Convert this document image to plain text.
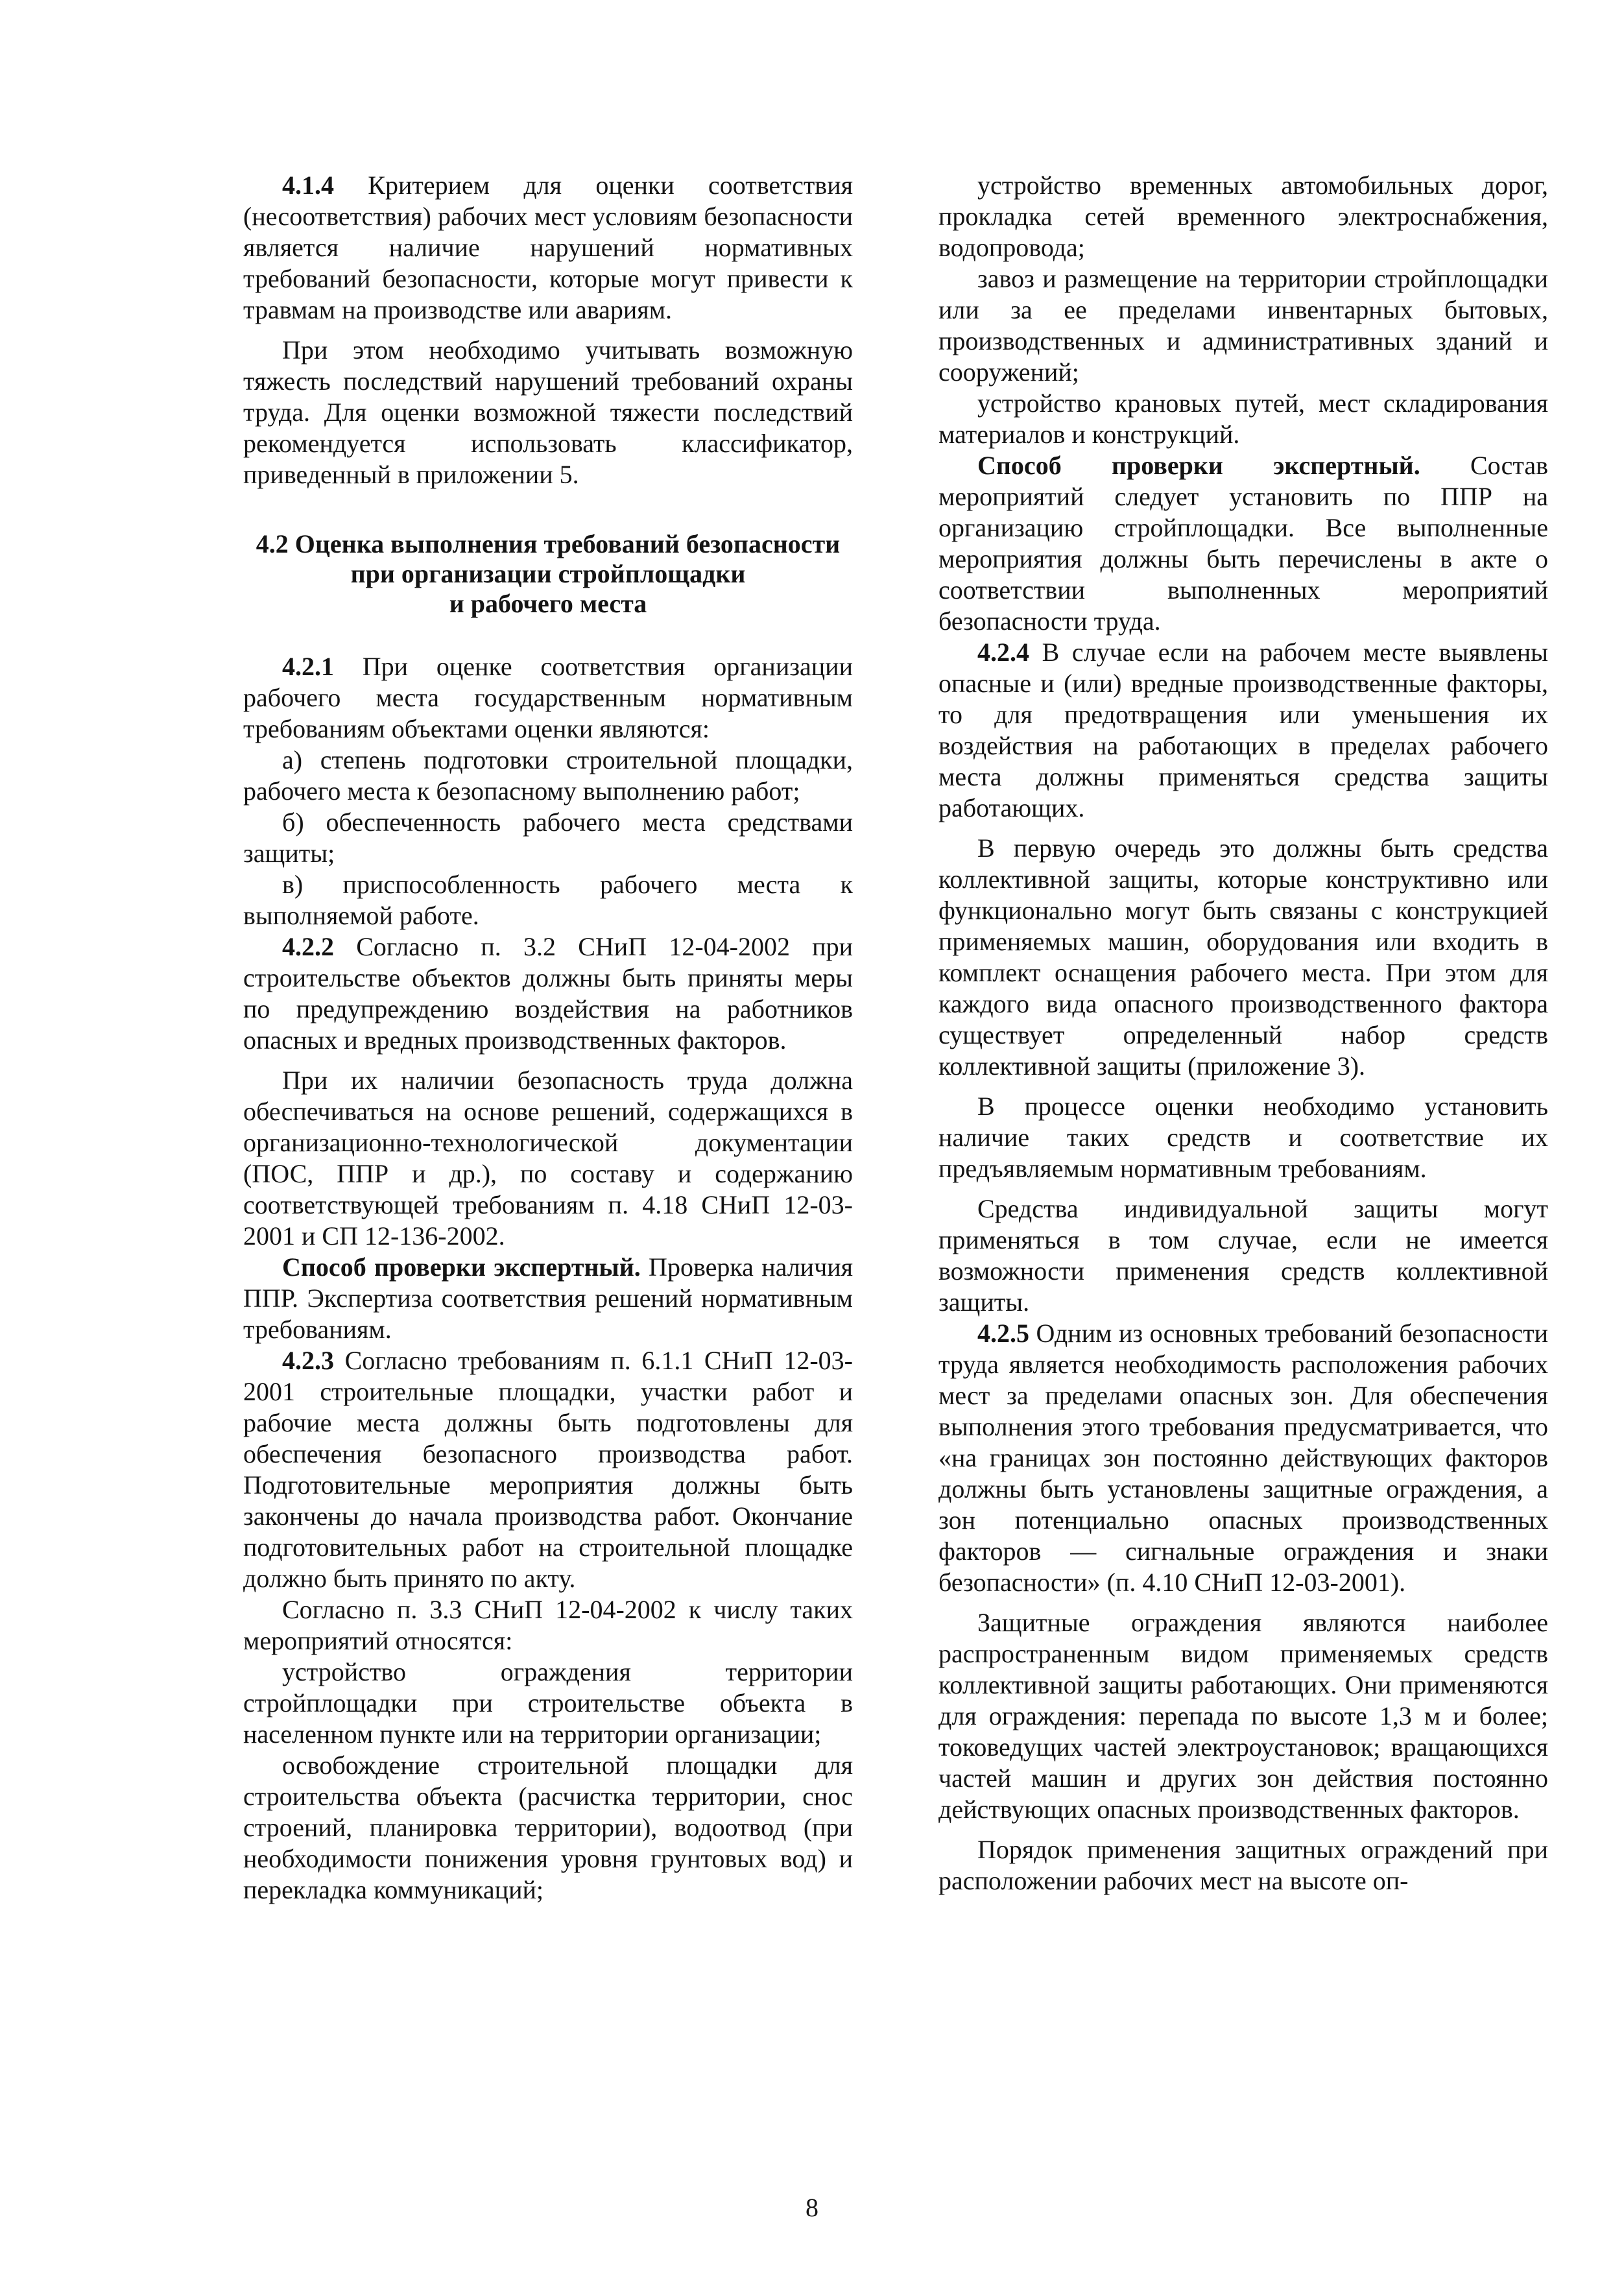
4.1.4 Критерием для оценки соответствия (несоответствия) рабочих мест условиям безопасности является наличие нарушений нормативных требований безопасности, которые могут привести к травмам на производстве или авариям.

При этом необходимо учитывать возможную тяжесть последствий нарушений требований охраны труда. Для оценки возможной тяжести последствий рекомендуется использовать классификатор, приведенный в приложении 5.

4.2 Оценка выполнения требований безопасности
при организации стройплощадки
и рабочего места

4.2.1 При оценке соответствия организации рабочего места государственным нормативным требованиям объектами оценки являются:

а) степень подготовки строительной площадки, рабочего места к безопасному выполнению работ;

б) обеспеченность рабочего места средствами защиты;

в) приспособленность рабочего места к выполняемой работе.

4.2.2 Согласно п. 3.2 СНиП 12-04-2002 при строительстве объектов должны быть приняты меры по предупреждению воздействия на работников опасных и вредных производственных факторов.

При их наличии безопасность труда должна обеспечиваться на основе решений, содержащихся в организационно-технологической документации (ПОС, ППР и др.), по составу и содержанию соответствующей требованиям п. 4.18 СНиП 12-03-2001 и СП 12-136-2002.

Способ проверки экспертный. Проверка наличия ППР. Экспертиза соответствия решений нормативным требованиям.

4.2.3 Согласно требованиям п. 6.1.1 СНиП 12-03-2001 строительные площадки, участки работ и рабочие места должны быть подготовлены для обеспечения безопасного производства работ. Подготовительные мероприятия должны быть закончены до начала производства работ. Окончание подготовительных работ на строительной площадке должно быть принято по акту.

Согласно п. 3.3 СНиП 12-04-2002 к числу таких мероприятий относятся:

устройство ограждения территории стройплощадки при строительстве объекта в населенном пункте или на территории организации;

освобождение строительной площадки для строительства объекта (расчистка территории, снос строений, планировка территории), водоотвод (при необходимости понижения уровня грунтовых вод) и перекладка коммуникаций;

устройство временных автомобильных дорог, прокладка сетей временного электроснабжения, водопровода;

завоз и размещение на территории стройплощадки или за ее пределами инвентарных бытовых, производственных и административных зданий и сооружений;

устройство крановых путей, мест складирования материалов и конструкций.

Способ проверки экспертный. Состав мероприятий следует установить по ППР на организацию стройплощадки. Все выполненные мероприятия должны быть перечислены в акте о соответствии выполненных мероприятий безопасности труда.

4.2.4 В случае если на рабочем месте выявлены опасные и (или) вредные производственные факторы, то для предотвращения или уменьшения их воздействия на работающих в пределах рабочего места должны применяться средства защиты работающих.

В первую очередь это должны быть средства коллективной защиты, которые конструктивно или функционально могут быть связаны с конструкцией применяемых машин, оборудования или входить в комплект оснащения рабочего места. При этом для каждого вида опасного производственного фактора существует определенный набор средств коллективной защиты (приложение 3).

В процессе оценки необходимо установить наличие таких средств и соответствие их предъявляемым нормативным требованиям.

Средства индивидуальной защиты могут применяться в том случае, если не имеется возможности применения средств коллективной защиты.

4.2.5 Одним из основных требований безопасности труда является необходимость расположения рабочих мест за пределами опасных зон. Для обеспечения выполнения этого требования предусматривается, что «на границах зон постоянно действующих факторов должны быть установлены защитные ограждения, а зон потенциально опасных производственных факторов — сигнальные ограждения и знаки безопасности» (п. 4.10 СНиП 12-03-2001).

Защитные ограждения являются наиболее распространенным видом применяемых средств коллективной защиты работающих. Они применяются для ограждения: перепада по высоте 1,3 м и более; токоведущих частей электроустановок; вращающихся частей машин и других зон действия постоянно действующих опасных производственных факторов.

Порядок применения защитных ограждений при расположении рабочих мест на высоте оп-

8
